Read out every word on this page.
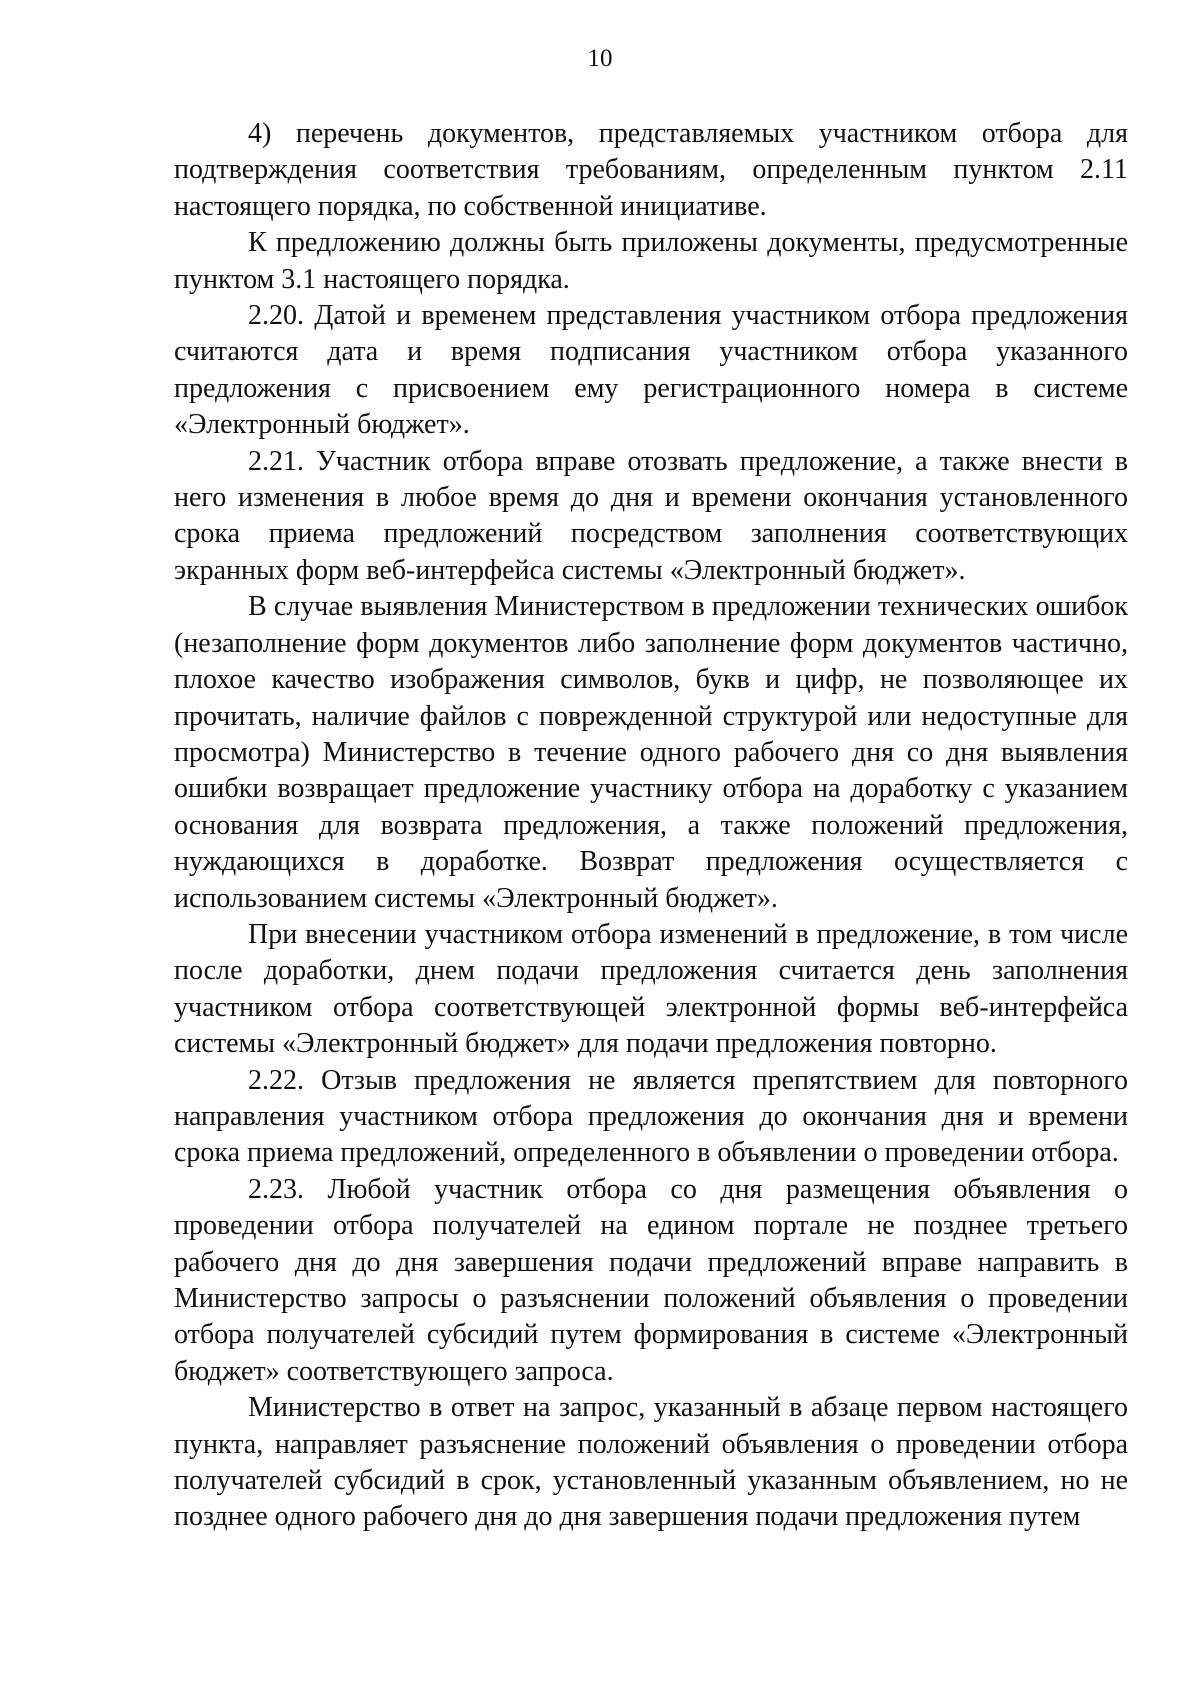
10

4) перечень документов, представляемых участником отбора для подтверждения соответствия требованиям, определенным пунктом 2.11 настоящего порядка, по собственной инициативе.

К предложению должны быть приложены документы, предусмотренные пунктом 3.1 настоящего порядка.

2.20. Датой и временем представления участником отбора предложения считаются дата и время подписания участником отбора указанного предложения с присвоением ему регистрационного номера в системе «Электронный бюджет».

2.21. Участник отбора вправе отозвать предложение, а также внести в него изменения в любое время до дня и времени окончания установленного срока приема предложений посредством заполнения соответствующих экранных форм веб-интерфейса системы «Электронный бюджет».

В случае выявления Министерством в предложении технических ошибок (незаполнение форм документов либо заполнение форм документов частично, плохое качество изображения символов, букв и цифр, не позволяющее их прочитать, наличие файлов с поврежденной структурой или недоступные для просмотра) Министерство в течение одного рабочего дня со дня выявления ошибки возвращает предложение участнику отбора на доработку с указанием основания для возврата предложения, а также положений предложения, нуждающихся в доработке. Возврат предложения осуществляется с использованием системы «Электронный бюджет».

При внесении участником отбора изменений в предложение, в том числе после доработки, днем подачи предложения считается день заполнения участником отбора соответствующей электронной формы веб-интерфейса системы «Электронный бюджет» для подачи предложения повторно.

2.22. Отзыв предложения не является препятствием для повторного направления участником отбора предложения до окончания дня и времени срока приема предложений, определенного в объявлении о проведении отбора.

2.23. Любой участник отбора со дня размещения объявления о проведении отбора получателей на едином портале не позднее третьего рабочего дня до дня завершения подачи предложений вправе направить в Министерство запросы о разъяснении положений объявления о проведении отбора получателей субсидий путем формирования в системе «Электронный бюджет» соответствующего запроса.

Министерство в ответ на запрос, указанный в абзаце первом настоящего пункта, направляет разъяснение положений объявления о проведении отбора получателей субсидий в срок, установленный указанным объявлением, но не позднее одного рабочего дня до дня завершения подачи предложения путем
